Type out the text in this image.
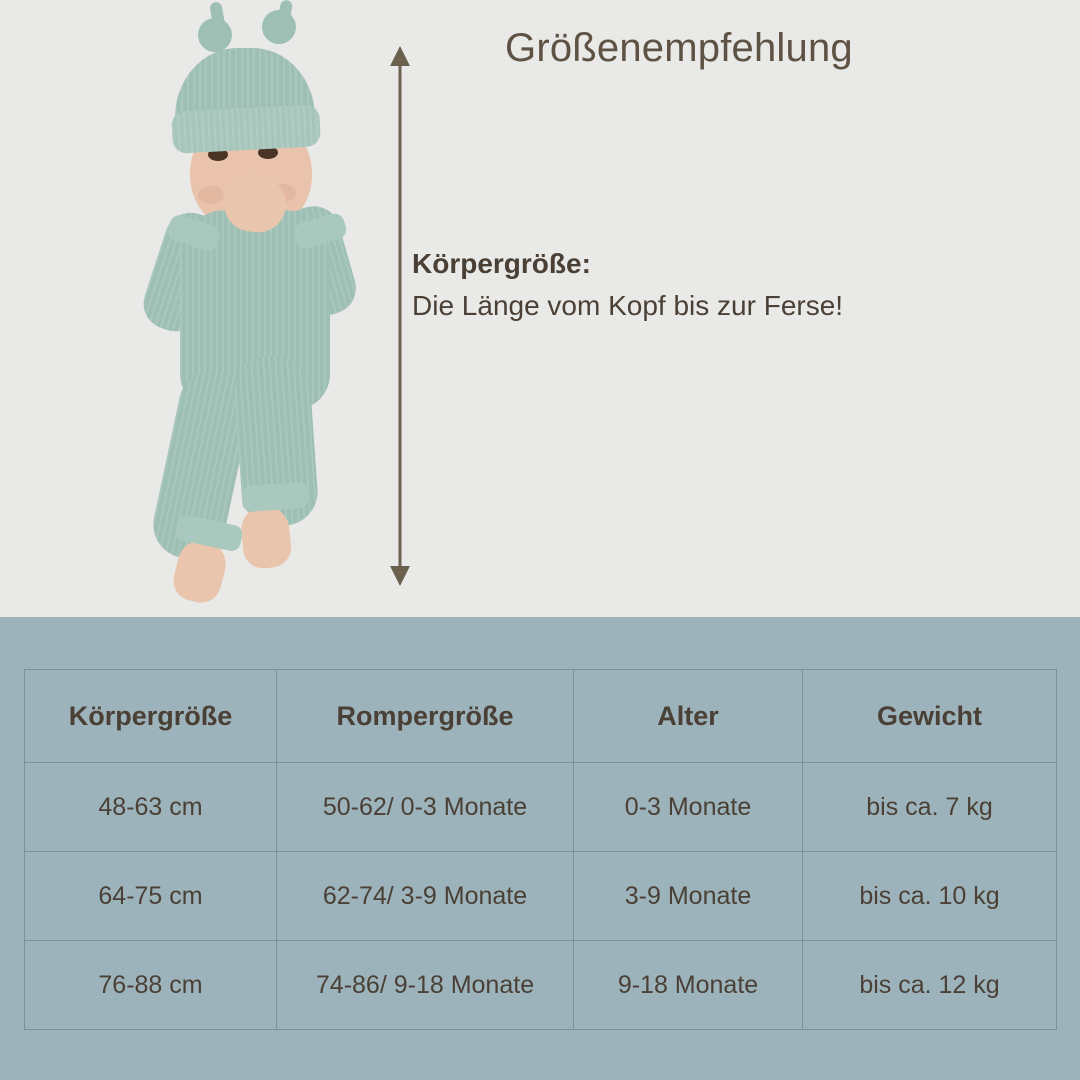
Größenempfehlung

Körpergröße:

Die Länge vom Kopf bis zur Ferse!

Körpergröße	Rompergröße	Alter	Gewicht
48-63 cm	50-62/ 0-3 Monate	0-3 Monate	bis ca. 7 kg
64-75 cm	62-74/ 3-9 Monate	3-9 Monate	bis ca. 10 kg
76-88 cm	74-86/ 9-18 Monate	9-18 Monate	bis ca. 12 kg
